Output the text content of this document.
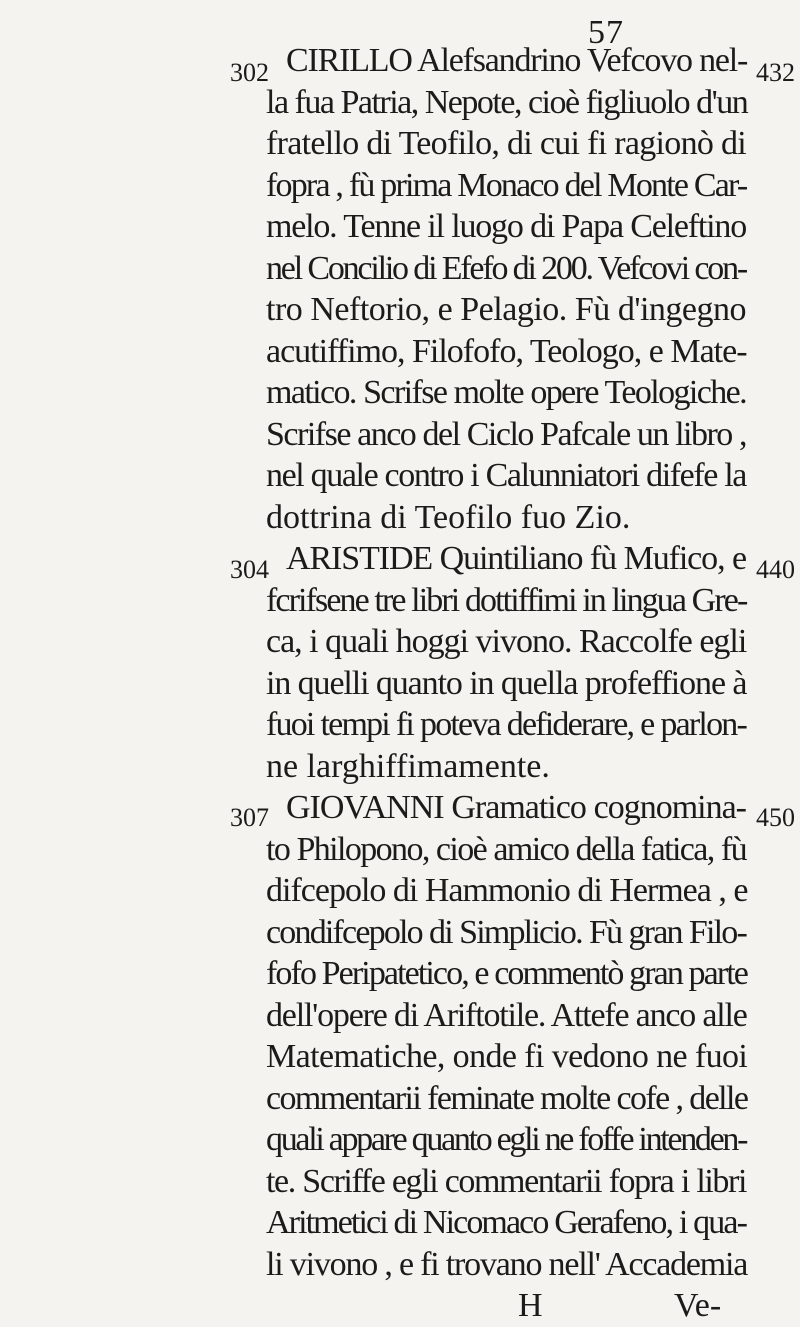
57
302
304
307
432
440
450
CIRILLO Alefsandrino Vefcovo nel-
la fua Patria, Nepote, cioè figliuolo d'un
fratello di Teofilo, di cui fi ragionò di
fopra , fù prima Monaco del Monte Car-
melo. Tenne il luogo di Papa Celeftino
nel Concilio di Efefo di 200. Vefcovi con-
tro Neftorio, e Pelagio. Fù d'ingegno
acutiffimo, Filofofo, Teologo, e Mate-
matico. Scrifse molte opere Teologiche.
Scrifse anco del Ciclo Pafcale un libro ,
nel quale contro i Calunniatori difefe la
dottrina di Teofilo fuo Zio.
ARISTIDE Quintiliano fù Mufico, e
fcrifsene tre libri dottiffimi in lingua Gre-
ca, i quali hoggi vivono. Raccolfe egli
in quelli quanto in quella profeffione à
fuoi tempi fi poteva defiderare, e parlon-
ne larghiffimamente.
GIOVANNI Gramatico cognomina-
to Philopono, cioè amico della fatica, fù
difcepolo di Hammonio di Hermea , e
condifcepolo di Simplicio. Fù gran Filo-
fofo Peripatetico, e commentò gran parte
dell'opere di Ariftotile. Attefe anco alle
Matematiche, onde fi vedono ne fuoi
commentarii feminate molte cofe , delle
quali appare quanto egli ne foffe intenden-
te. Scriffe egli commentarii fopra i libri
Aritmetici di Nicomaco Gerafeno, i qua-
li vivono , e fi trovano nell' Accademia
H	Ve-
